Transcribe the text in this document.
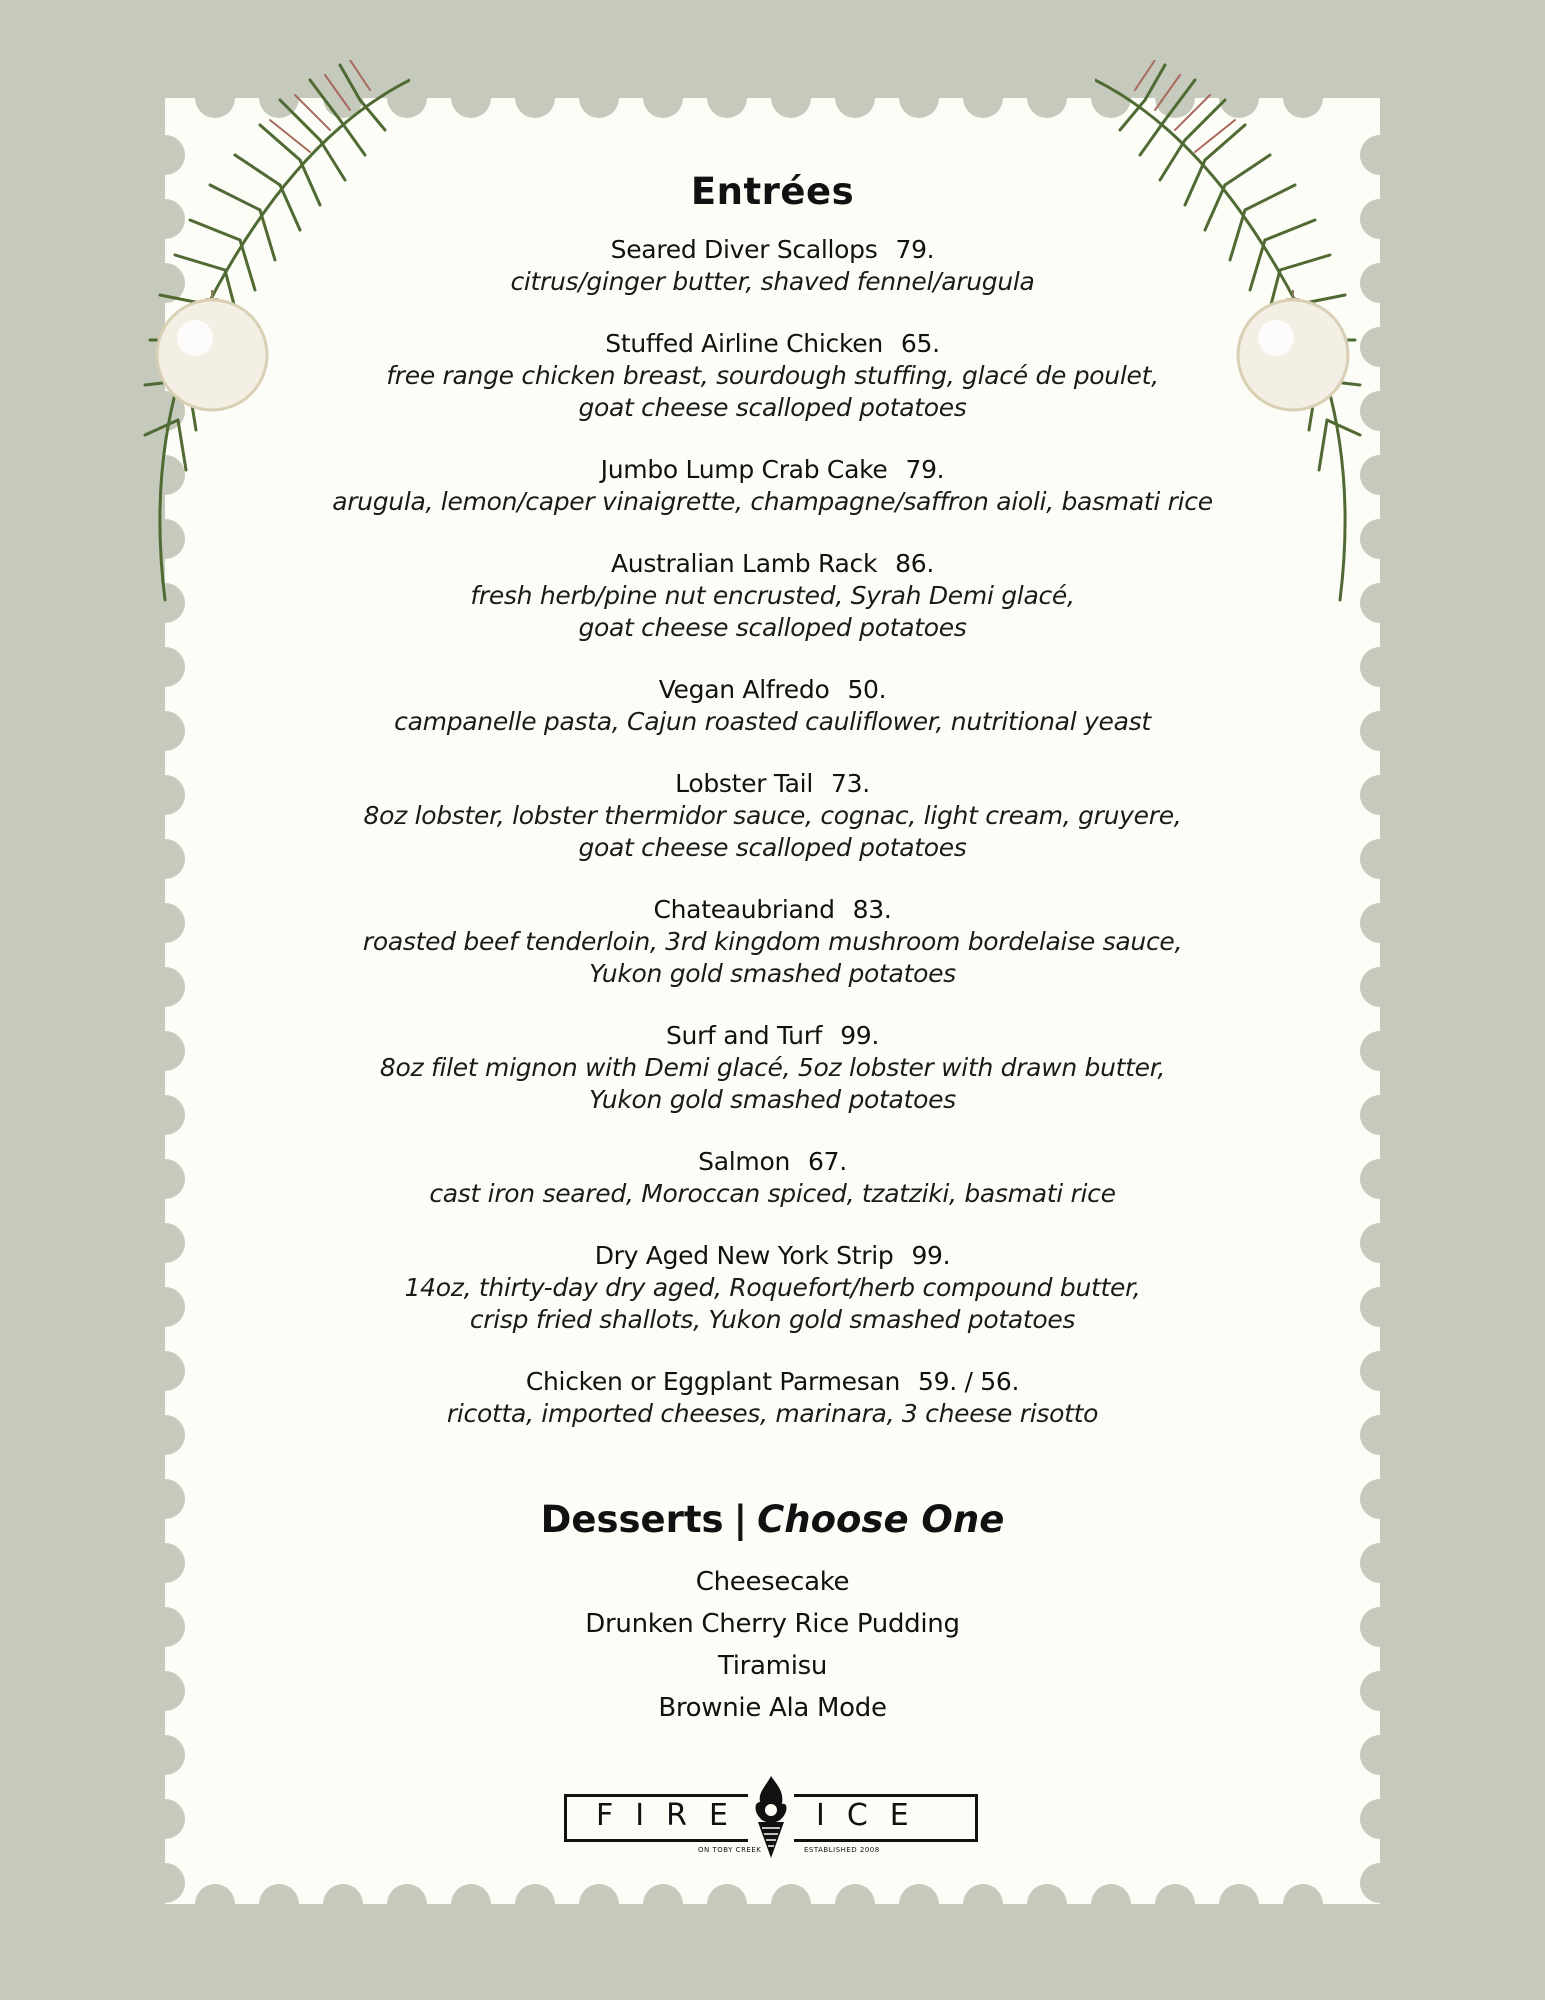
Entrées
Seared Diver Scallops 79.
citrus/ginger butter, shaved fennel/arugula
Stuffed Airline Chicken 65.
free range chicken breast, sourdough stuffing, glacé de poulet,
goat cheese scalloped potatoes
Jumbo Lump Crab Cake 79.
arugula, lemon/caper vinaigrette, champagne/saffron aioli, basmati rice
Australian Lamb Rack 86.
fresh herb/pine nut encrusted, Syrah Demi glacé,
goat cheese scalloped potatoes
Vegan Alfredo 50.
campanelle pasta, Cajun roasted cauliflower, nutritional yeast
Lobster Tail 73.
8oz lobster, lobster thermidor sauce, cognac, light cream, gruyere,
goat cheese scalloped potatoes
Chateaubriand 83.
roasted beef tenderloin, 3rd kingdom mushroom bordelaise sauce,
Yukon gold smashed potatoes
Surf and Turf 99.
8oz filet mignon with Demi glacé, 5oz lobster with drawn butter,
Yukon gold smashed potatoes
Salmon 67.
cast iron seared, Moroccan spiced, tzatziki, basmati rice
Dry Aged New York Strip 99.
14oz, thirty-day dry aged, Roquefort/herb compound butter,
crisp fried shallots, Yukon gold smashed potatoes
Chicken or Eggplant Parmesan 59. / 56.
ricotta, imported cheeses, marinara, 3 cheese risotto
Desserts | Choose One
Cheesecake
Drunken Cherry Rice Pudding
Tiramisu
Brownie Ala Mode
FIRE ICE
ON TOBY CREEK	ESTABLISHED 2008
